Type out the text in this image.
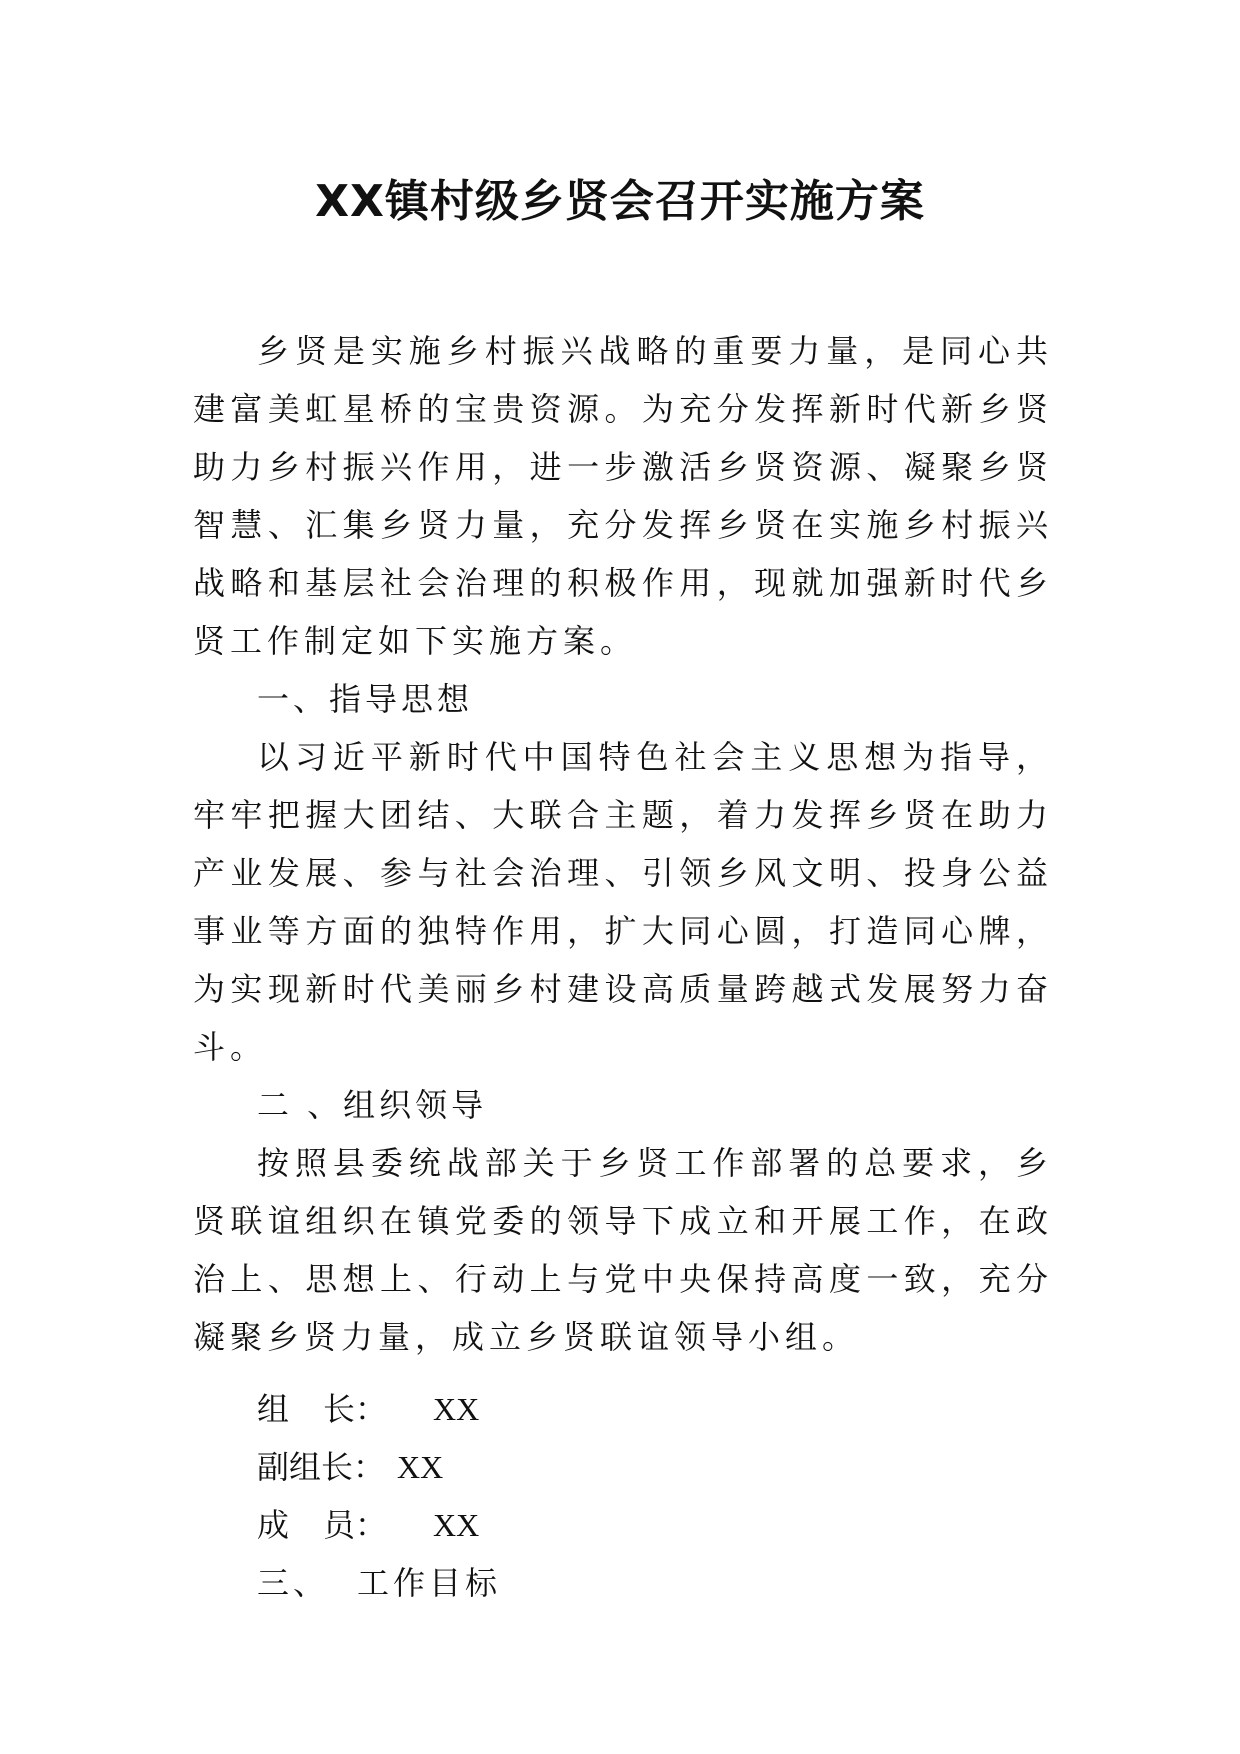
XX镇村级乡贤会召开实施方案

乡贤是实施乡村振兴战略的重要力量，是同心共建富美虹星桥的宝贵资源。为充分发挥新时代新乡贤助力乡村振兴作用，进一步激活乡贤资源、凝聚乡贤智慧、汇集乡贤力量，充分发挥乡贤在实施乡村振兴战略和基层社会治理的积极作用，现就加强新时代乡贤工作制定如下实施方案。

一、指导思想

以习近平新时代中国特色社会主义思想为指导，牢牢把握大团结、大联合主题，着力发挥乡贤在助力产业发展、参与社会治理、引领乡风文明、投身公益事业等方面的独特作用，扩大同心圆，打造同心牌，为实现新时代美丽乡村建设高质量跨越式发展努力奋斗。

二 、组织领导

按照县委统战部关于乡贤工作部署的总要求，乡贤联谊组织在镇党委的领导下成立和开展工作，在政治上、思想上、行动上与党中央保持高度一致，充分凝聚乡贤力量，成立乡贤联谊领导小组。

组 长： XX

副组长： XX

成 员： XX

三、 工作目标
